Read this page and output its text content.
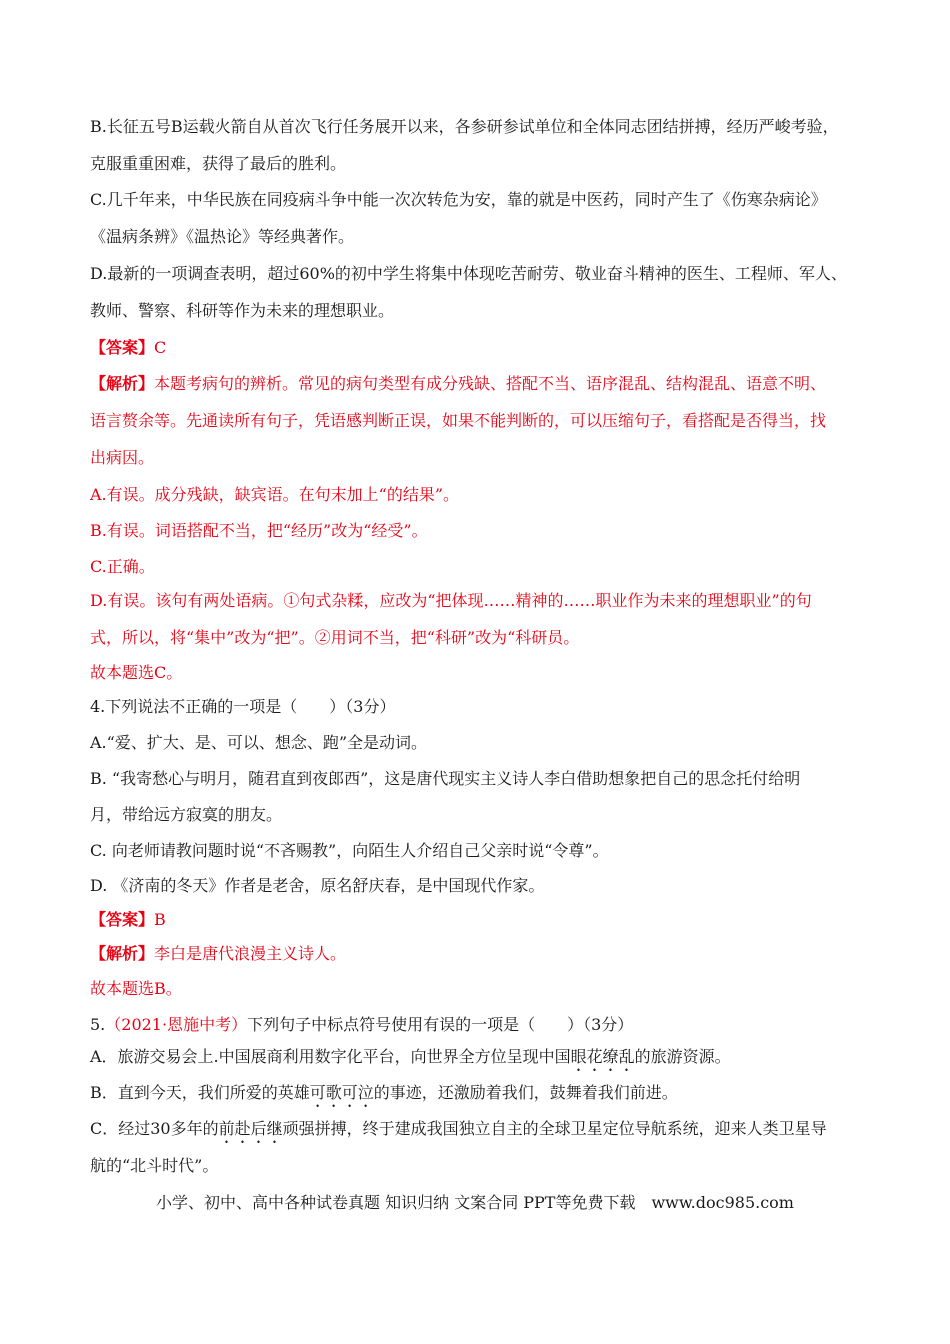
B.长征五号B运载火箭自从首次飞行任务展开以来，各参研参试单位和全体同志团结拼搏，经历严峻考验，
克服重重困难，获得了最后的胜利。
C.几千年来，中华民族在同疫病斗争中能一次次转危为安，靠的就是中医药，同时产生了《伤寒杂病论》
《温病条辨》《温热论》等经典著作。
D.最新的一项调查表明，超过60%的初中学生将集中体现吃苦耐劳、敬业奋斗精神的医生、工程师、军人、
教师、警察、科研等作为未来的理想职业。
【答案】C
【解析】本题考病句的辨析。常见的病句类型有成分残缺、搭配不当、语序混乱、结构混乱、语意不明、
语言赘余等。先通读所有句子，凭语感判断正误，如果不能判断的，可以压缩句子，看搭配是否得当，找
出病因。
A.有误。成分残缺，缺宾语。在句末加上“的结果”。
B.有误。词语搭配不当，把“经历”改为“经受”。
C.正确。
D.有误。该句有两处语病。①句式杂糅，应改为“把体现……精神的……职业作为未来的理想职业”的句
式，所以，将“集中”改为“把”。②用词不当，把“科研”改为“科研员。
故本题选C。
4.下列说法不正确的一项是（　　）（3分）
A.“爱、扩大、是、可以、想念、跑”全是动词。
B. “我寄愁心与明月，随君直到夜郎西”，这是唐代现实主义诗人李白借助想象把自己的思念托付给明
月，带给远方寂寞的朋友。
C. 向老师请教问题时说“不吝赐教”，向陌生人介绍自己父亲时说“令尊”。
D. 《济南的冬天》作者是老舍，原名舒庆春，是中国现代作家。
【答案】B
【解析】李白是唐代浪漫主义诗人。
故本题选B。
5.（2021·恩施中考）下列句子中标点符号使用有误的一项是（　　）（3分）
A．旅游交易会上.中国展商利用数字化平台，向世界全方位呈现中国眼花缭乱的旅游资源。
B．直到今天，我们所爱的英雄可歌可泣的事迹，还激励着我们，鼓舞着我们前进。
C．经过30多年的前赴后继顽强拼搏，终于建成我国独立自主的全球卫星定位导航系统，迎来人类卫星导
航的“北斗时代”。
小学、初中、高中各种试卷真题 知识归纳 文案合同 PPT等免费下载　www.doc985.com
